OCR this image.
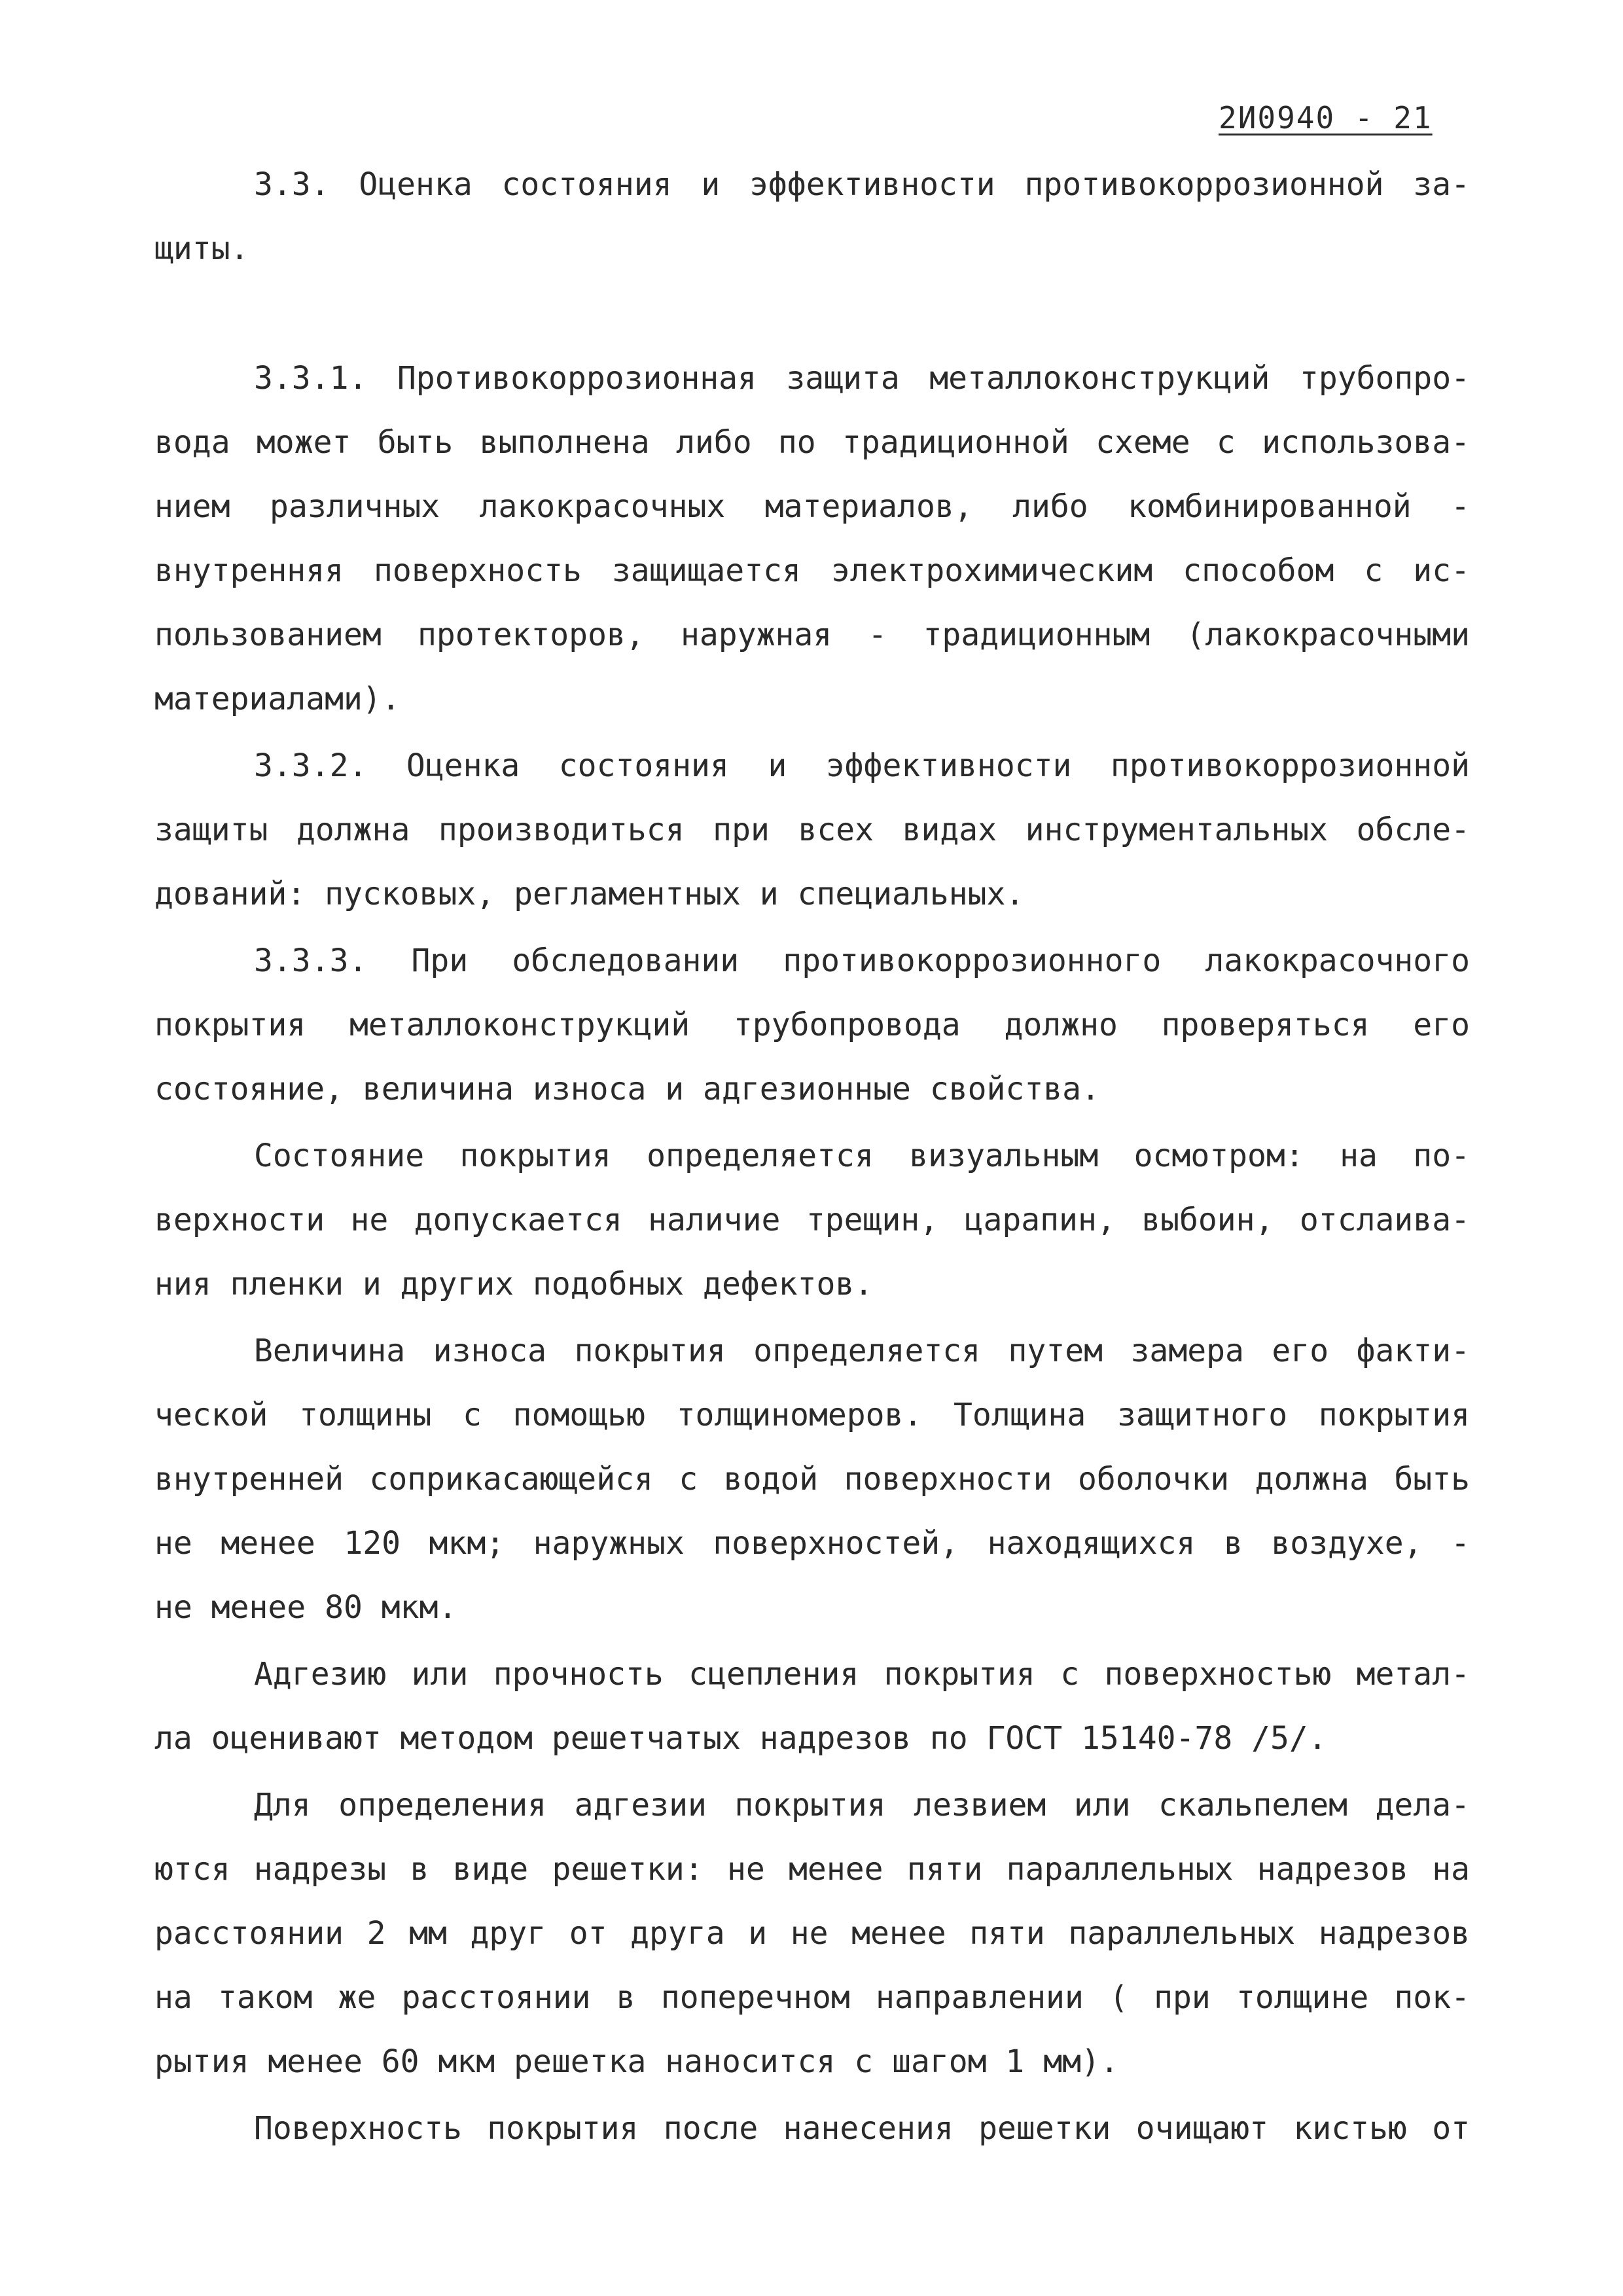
2И0940 - 21
3.3. Оценка состояния и эффективности противокоррозионной за-
щиты.
3.3.1. Противокоррозионная защита металлоконструкций трубопро-
вода может быть выполнена либо по традиционной схеме с использова-
нием различных лакокрасочных материалов, либо комбинированной -
внутренняя поверхность защищается электрохимическим способом с ис-
пользованием протекторов, наружная - традиционным (лакокрасочными
материалами).
3.3.2. Оценка состояния и эффективности противокоррозионной
защиты должна производиться при всех видах инструментальных обсле-
дований: пусковых, регламентных и специальных.
3.3.3. При обследовании противокоррозионного лакокрасочного
покрытия металлоконструкций трубопровода должно проверяться его
состояние, величина износа и адгезионные свойства.
Состояние покрытия определяется визуальным осмотром: на по-
верхности не допускается наличие трещин, царапин, выбоин, отслаива-
ния пленки и других подобных дефектов.
Величина износа покрытия определяется путем замера его факти-
ческой толщины с помощью толщиномеров. Толщина защитного покрытия
внутренней соприкасающейся с водой поверхности оболочки должна быть
не менее 120 мкм; наружных поверхностей, находящихся в воздухе, -
не менее 80 мкм.
Адгезию или прочность сцепления покрытия с поверхностью метал-
ла оценивают методом решетчатых надрезов по ГОСТ 15140-78 /5/.
Для определения адгезии покрытия лезвием или скальпелем дела-
ются надрезы в виде решетки: не менее пяти параллельных надрезов на
расстоянии 2 мм друг от друга и не менее пяти параллельных надрезов
на таком же расстоянии в поперечном направлении ( при толщине пок-
рытия менее 60 мкм решетка наносится с шагом 1 мм).
Поверхность покрытия после нанесения решетки очищают кистью от
